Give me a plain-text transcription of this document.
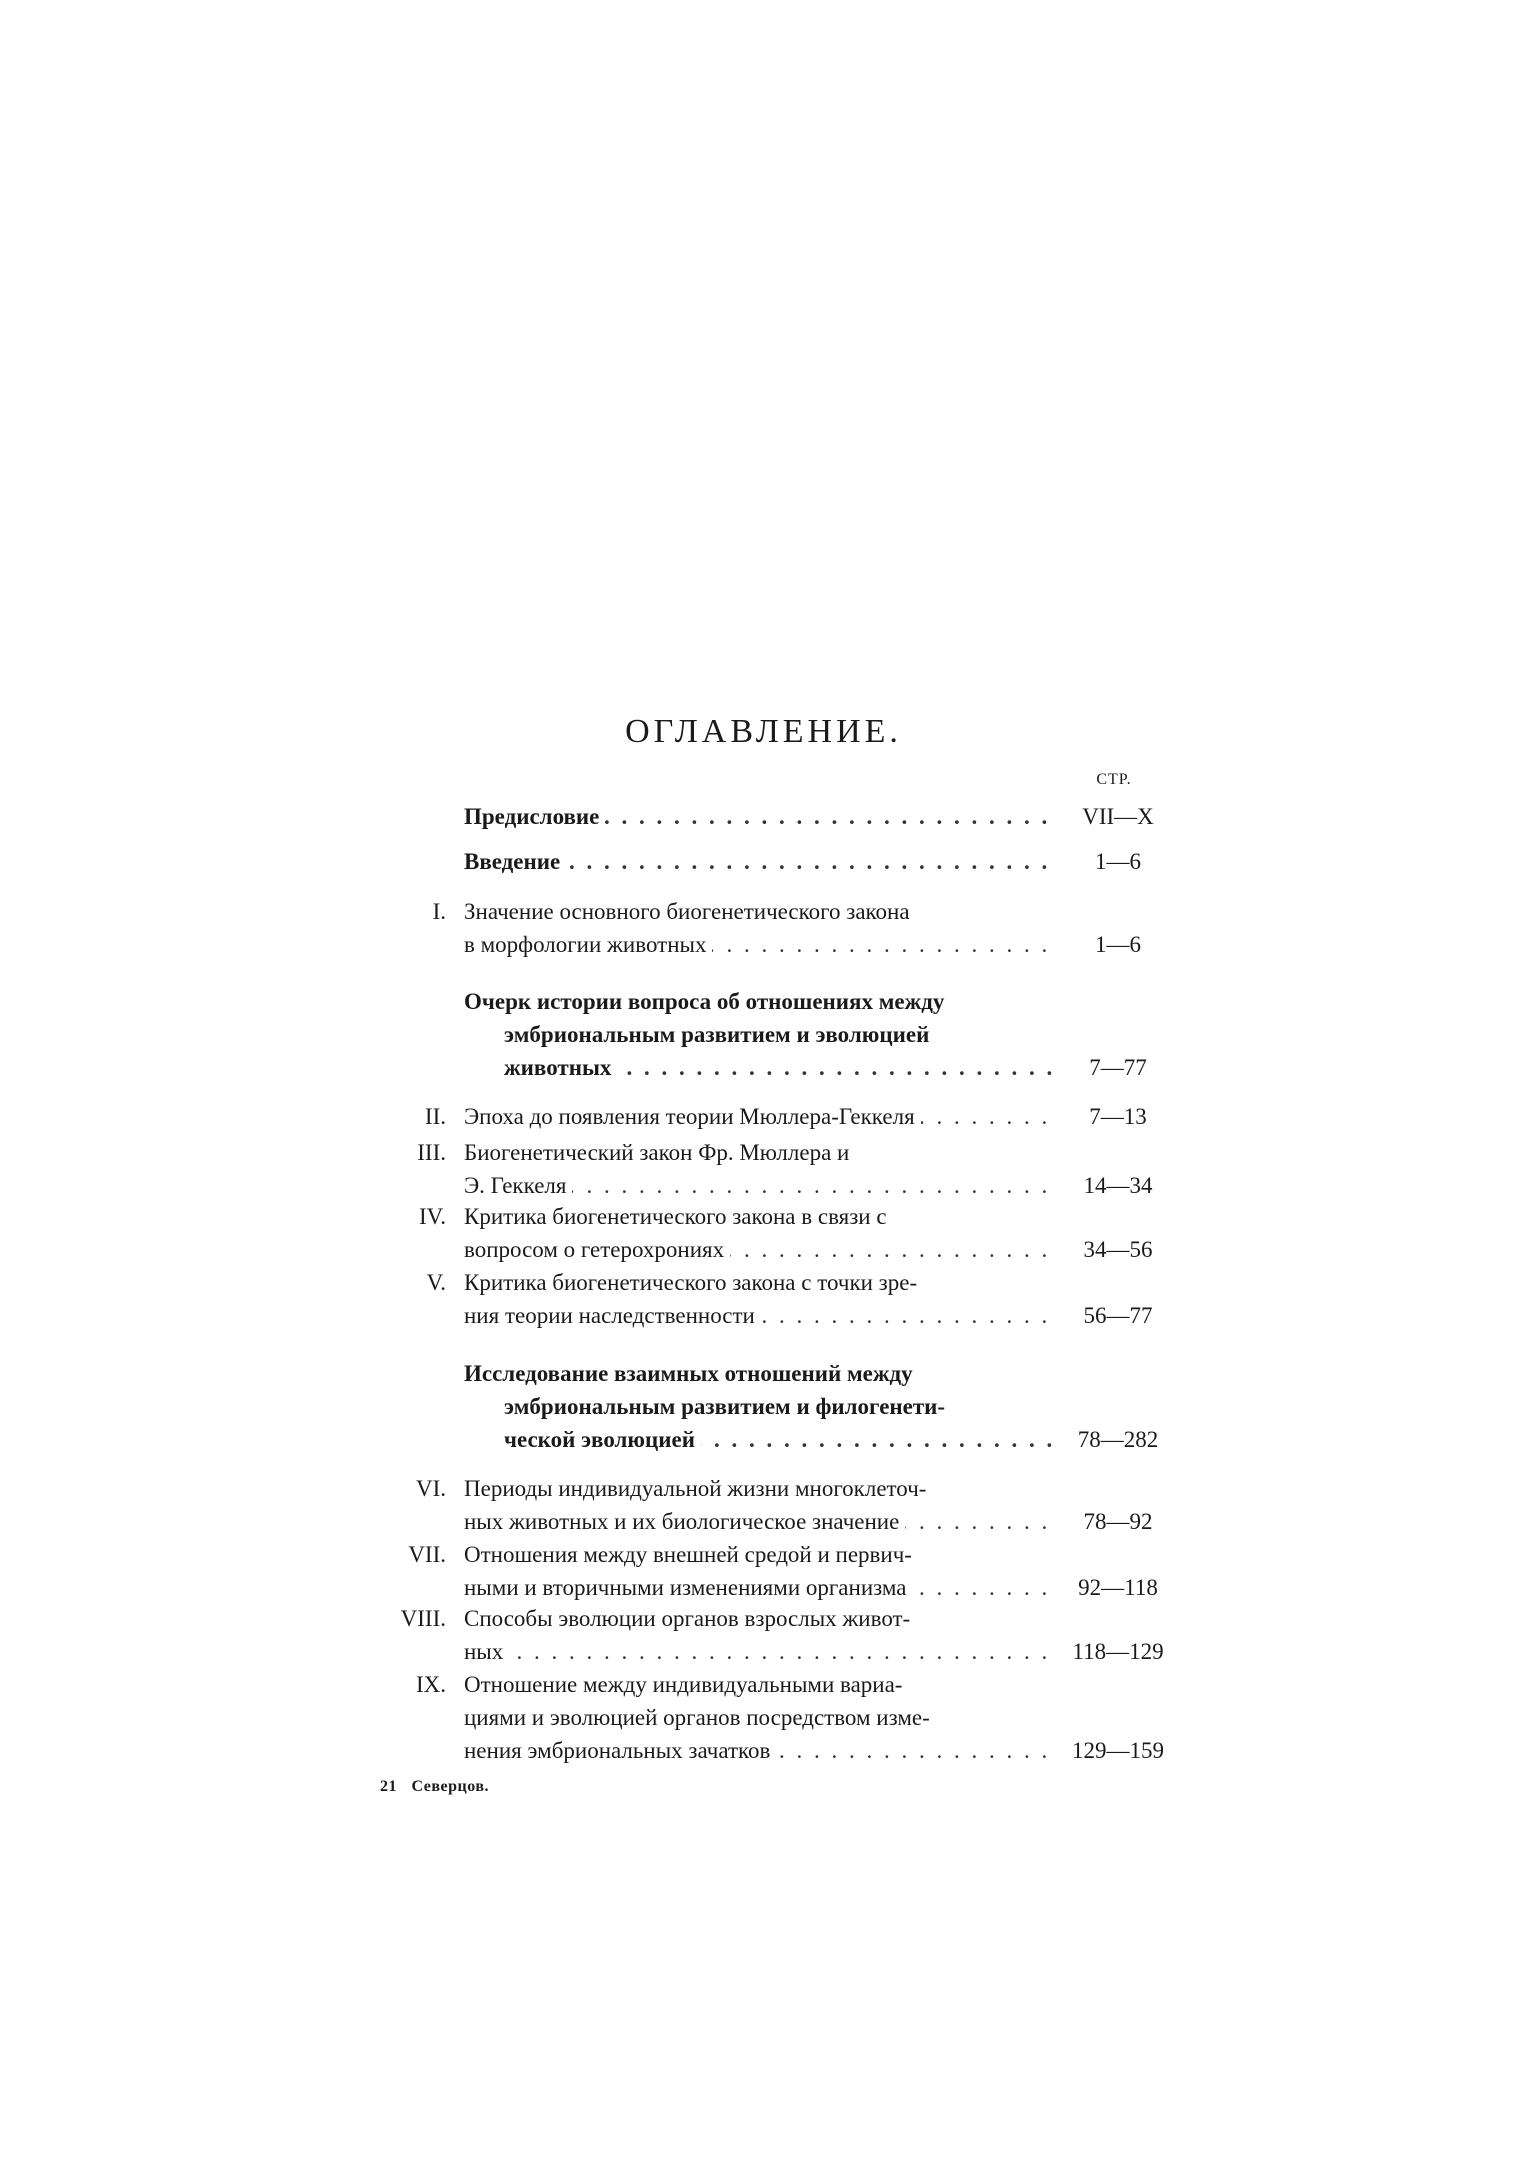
ОГЛАВЛЕНИЕ.
СТР.
Предисловие . . .	VII—X
Введение . . .	1—6
I. Значение основного биогенетического закона
в морфологии животных . . .	1—6
Очерк истории вопроса об отношениях между
эмбриональным развитием и эволюцией
животных . . .	7—77
II. Эпоха до появления теории Мюллера-Геккеля . . .	7—13
III. Биогенетический закон Фр. Мюллера и
Э. Геккеля . . .	14—34
IV. Критика биогенетического закона в связи с
вопросом о гетерохрониях . . .	34—56
V. Критика биогенетического закона с точки зре-
ния теории наследственности . . .	56—77
Исследование взаимных отношений между
эмбриональным развитием и филогенети-
ческой эволюцией . . .	78—282
VI. Периоды индивидуальной жизни многоклеточ-
ных животных и их биологическое значение . . .	78—92
VII. Отношения между внешней средой и первич-
ными и вторичными изменениями организма . . .	92—118
VIII. Способы эволюции органов взрослых живот-
ных . . .	118—129
IX. Отношение между индивидуальными вариа-
циями и эволюцией органов посредством изме-
нения эмбриональных зачатков . . .	129—159
21 Северцов.
